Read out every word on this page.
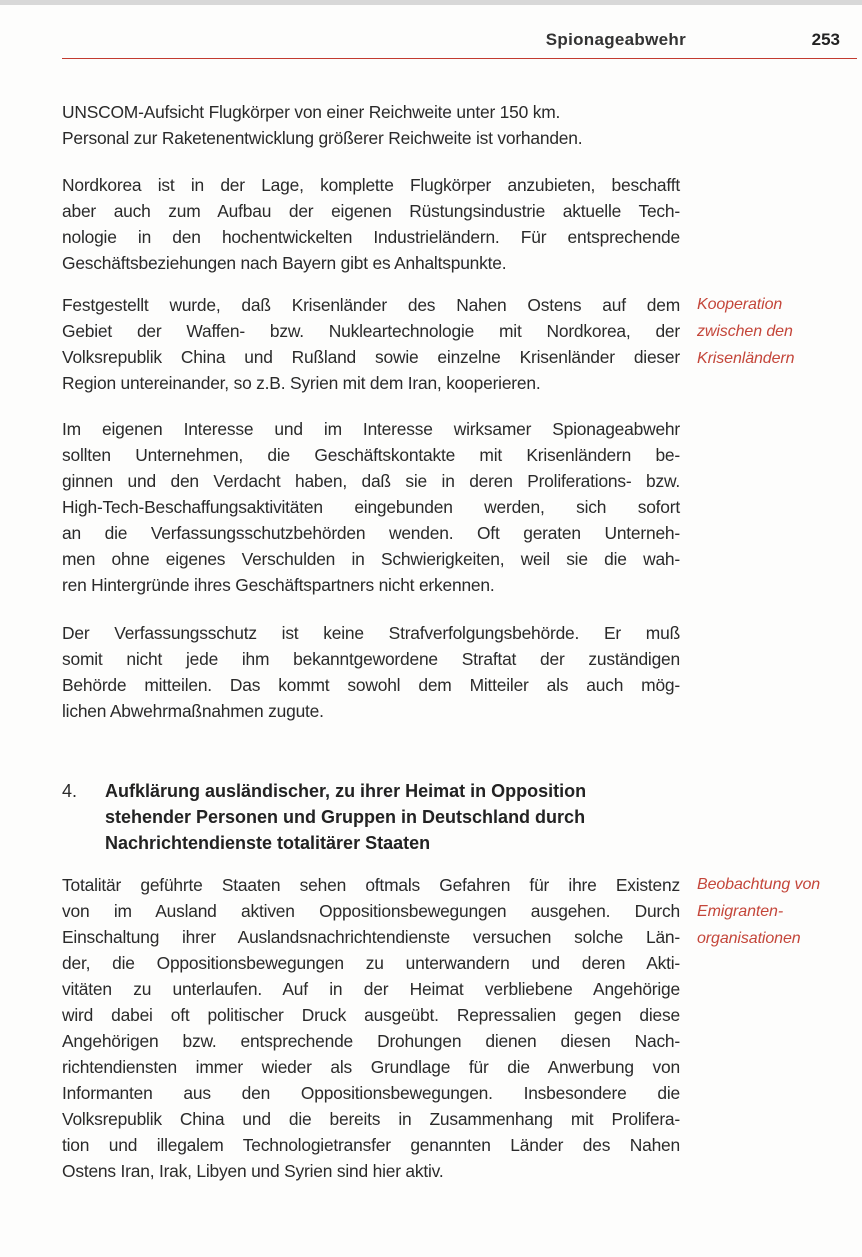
Spionageabwehr	253
UNSCOM-Aufsicht Flugkörper von einer Reichweite unter 150 km.
Personal zur Raketenentwicklung größerer Reichweite ist vorhanden.
Nordkorea ist in der Lage, komplette Flugkörper anzubieten, beschafft
aber auch zum Aufbau der eigenen Rüstungsindustrie aktuelle Tech-
nologie in den hochentwickelten Industrieländern. Für entsprechende
Geschäftsbeziehungen nach Bayern gibt es Anhaltspunkte.
Festgestellt wurde, daß Krisenländer des Nahen Ostens auf dem
Gebiet der Waffen- bzw. Nukleartechnologie mit Nordkorea, der
Volksrepublik China und Rußland sowie einzelne Krisenländer dieser
Region untereinander, so z.B. Syrien mit dem Iran, kooperieren.
Kooperation
zwischen den
Krisenländern
Im eigenen Interesse und im Interesse wirksamer Spionageabwehr
sollten Unternehmen, die Geschäftskontakte mit Krisenländern be-
ginnen und den Verdacht haben, daß sie in deren Proliferations- bzw.
High-Tech-Beschaffungsaktivitäten eingebunden werden, sich sofort
an die Verfassungsschutzbehörden wenden. Oft geraten Unterneh-
men ohne eigenes Verschulden in Schwierigkeiten, weil sie die wah-
ren Hintergründe ihres Geschäftspartners nicht erkennen.
Der Verfassungsschutz ist keine Strafverfolgungsbehörde. Er muß
somit nicht jede ihm bekanntgewordene Straftat der zuständigen
Behörde mitteilen. Das kommt sowohl dem Mitteiler als auch mög-
lichen Abwehrmaßnahmen zugute.
4. Aufklärung ausländischer, zu ihrer Heimat in Opposition
stehender Personen und Gruppen in Deutschland durch
Nachrichtendienste totalitärer Staaten
Totalitär geführte Staaten sehen oftmals Gefahren für ihre Existenz
von im Ausland aktiven Oppositionsbewegungen ausgehen. Durch
Einschaltung ihrer Auslandsnachrichtendienste versuchen solche Län-
der, die Oppositionsbewegungen zu unterwandern und deren Akti-
vitäten zu unterlaufen. Auf in der Heimat verbliebene Angehörige
wird dabei oft politischer Druck ausgeübt. Repressalien gegen diese
Angehörigen bzw. entsprechende Drohungen dienen diesen Nach-
richtendiensten immer wieder als Grundlage für die Anwerbung von
Informanten aus den Oppositionsbewegungen. Insbesondere die
Volksrepublik China und die bereits in Zusammenhang mit Prolifera-
tion und illegalem Technologietransfer genannten Länder des Nahen
Ostens Iran, Irak, Libyen und Syrien sind hier aktiv.
Beobachtung von
Emigranten-
organisationen
